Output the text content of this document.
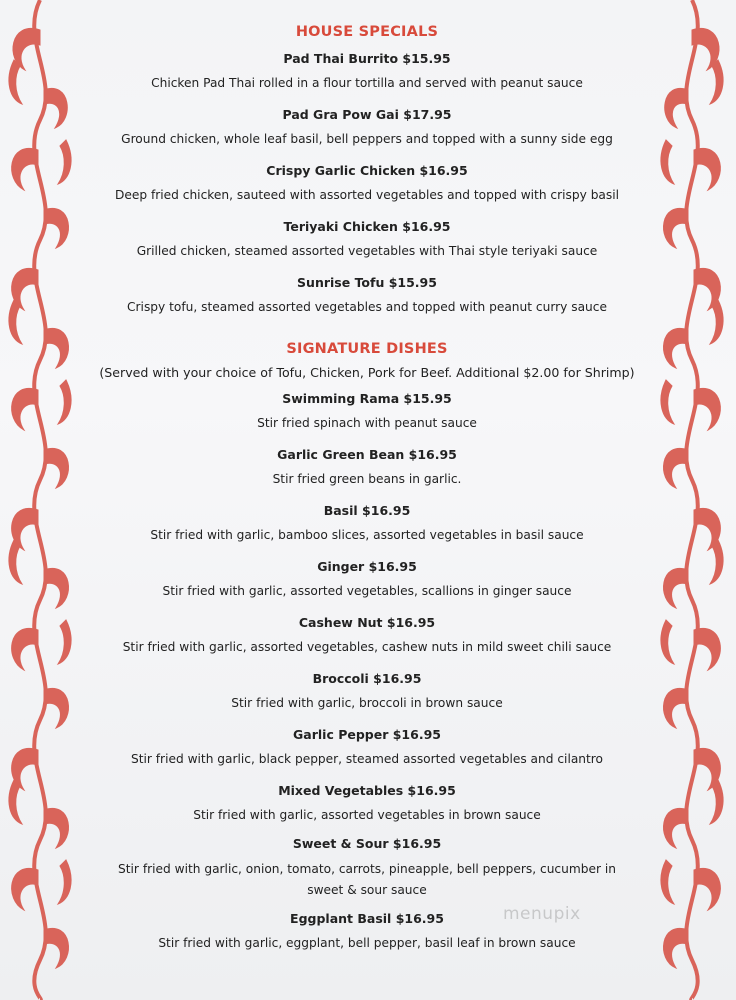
HOUSE SPECIALS

Pad Thai Burrito $15.95

Chicken Pad Thai rolled in a flour tortilla and served with peanut sauce

Pad Gra Pow Gai $17.95

Ground chicken, whole leaf basil, bell peppers and topped with a sunny side egg

Crispy Garlic Chicken $16.95

Deep fried chicken, sauteed with assorted vegetables and topped with crispy basil

Teriyaki Chicken $16.95

Grilled chicken, steamed assorted vegetables with Thai style teriyaki sauce

Sunrise Tofu $15.95

Crispy tofu, steamed assorted vegetables and topped with peanut curry sauce

SIGNATURE DISHES

(Served with your choice of Tofu, Chicken, Pork for Beef. Additional $2.00 for Shrimp)

Swimming Rama $15.95

Stir fried spinach with peanut sauce

Garlic Green Bean $16.95

Stir fried green beans in garlic.

Basil $16.95

Stir fried with garlic, bamboo slices, assorted vegetables in basil sauce

Ginger $16.95

Stir fried with garlic, assorted vegetables, scallions in ginger sauce

Cashew Nut $16.95

Stir fried with garlic, assorted vegetables, cashew nuts in mild sweet chili sauce

Broccoli $16.95

Stir fried with garlic, broccoli in brown sauce

Garlic Pepper $16.95

Stir fried with garlic, black pepper, steamed assorted vegetables and cilantro

Mixed Vegetables $16.95

Stir fried with garlic, assorted vegetables in brown sauce

Sweet & Sour $16.95

Stir fried with garlic, onion, tomato, carrots, pineapple, bell peppers, cucumber in sweet & sour sauce

Eggplant Basil $16.95

Stir fried with garlic, eggplant, bell pepper, basil leaf in brown sauce

menupix
